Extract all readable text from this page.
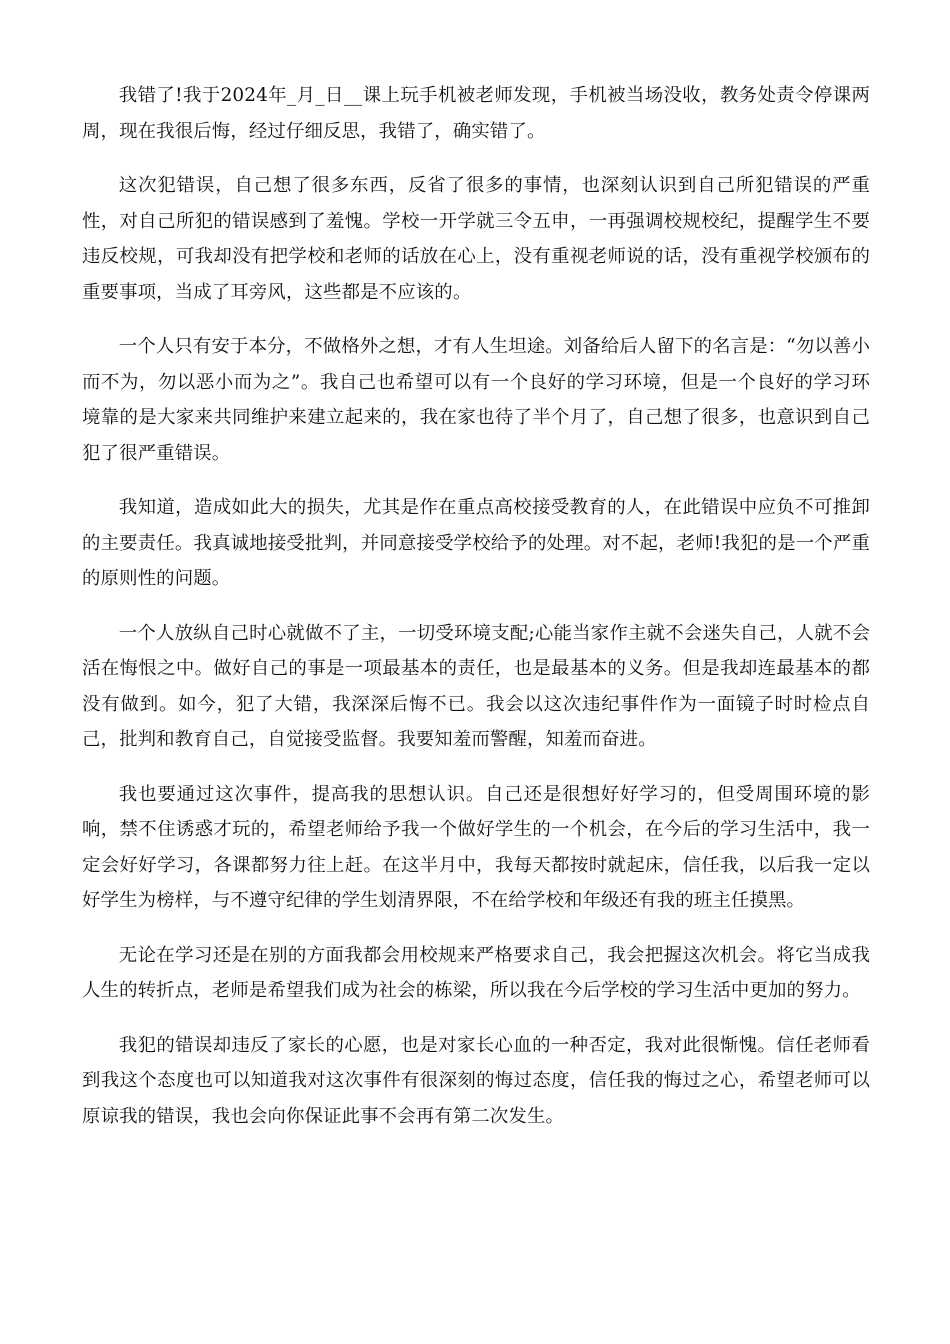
我错了!我于2024年_月_日__课上玩手机被老师发现，手机被当场没收，教务处责令停课两周，现在我很后悔，经过仔细反思，我错了，确实错了。

这次犯错误，自己想了很多东西，反省了很多的事情，也深刻认识到自己所犯错误的严重性，对自己所犯的错误感到了羞愧。学校一开学就三令五申，一再强调校规校纪，提醒学生不要违反校规，可我却没有把学校和老师的话放在心上，没有重视老师说的话，没有重视学校颁布的重要事项，当成了耳旁风，这些都是不应该的。

一个人只有安于本分，不做格外之想，才有人生坦途。刘备给后人留下的名言是：“勿以善小而不为，勿以恶小而为之”。我自己也希望可以有一个良好的学习环境，但是一个良好的学习环境靠的是大家来共同维护来建立起来的，我在家也待了半个月了，自己想了很多，也意识到自己犯了很严重错误。

我知道，造成如此大的损失，尤其是作在重点高校接受教育的人，在此错误中应负不可推卸的主要责任。我真诚地接受批判，并同意接受学校给予的处理。对不起，老师!我犯的是一个严重的原则性的问题。

一个人放纵自己时心就做不了主，一切受环境支配;心能当家作主就不会迷失自己，人就不会活在悔恨之中。做好自己的事是一项最基本的责任，也是最基本的义务。但是我却连最基本的都没有做到。如今，犯了大错，我深深后悔不已。我会以这次违纪事件作为一面镜子时时检点自己，批判和教育自己，自觉接受监督。我要知羞而警醒，知羞而奋进。

我也要通过这次事件，提高我的思想认识。自己还是很想好好学习的，但受周围环境的影响，禁不住诱惑才玩的，希望老师给予我一个做好学生的一个机会，在今后的学习生活中，我一定会好好学习，各课都努力往上赶。在这半月中，我每天都按时就起床，信任我，以后我一定以好学生为榜样，与不遵守纪律的学生划清界限，不在给学校和年级还有我的班主任摸黑。

无论在学习还是在别的方面我都会用校规来严格要求自己，我会把握这次机会。将它当成我人生的转折点，老师是希望我们成为社会的栋梁，所以我在今后学校的学习生活中更加的努力。

我犯的错误却违反了家长的心愿，也是对家长心血的一种否定，我对此很惭愧。信任老师看到我这个态度也可以知道我对这次事件有很深刻的悔过态度，信任我的悔过之心，希望老师可以原谅我的错误，我也会向你保证此事不会再有第二次发生。
